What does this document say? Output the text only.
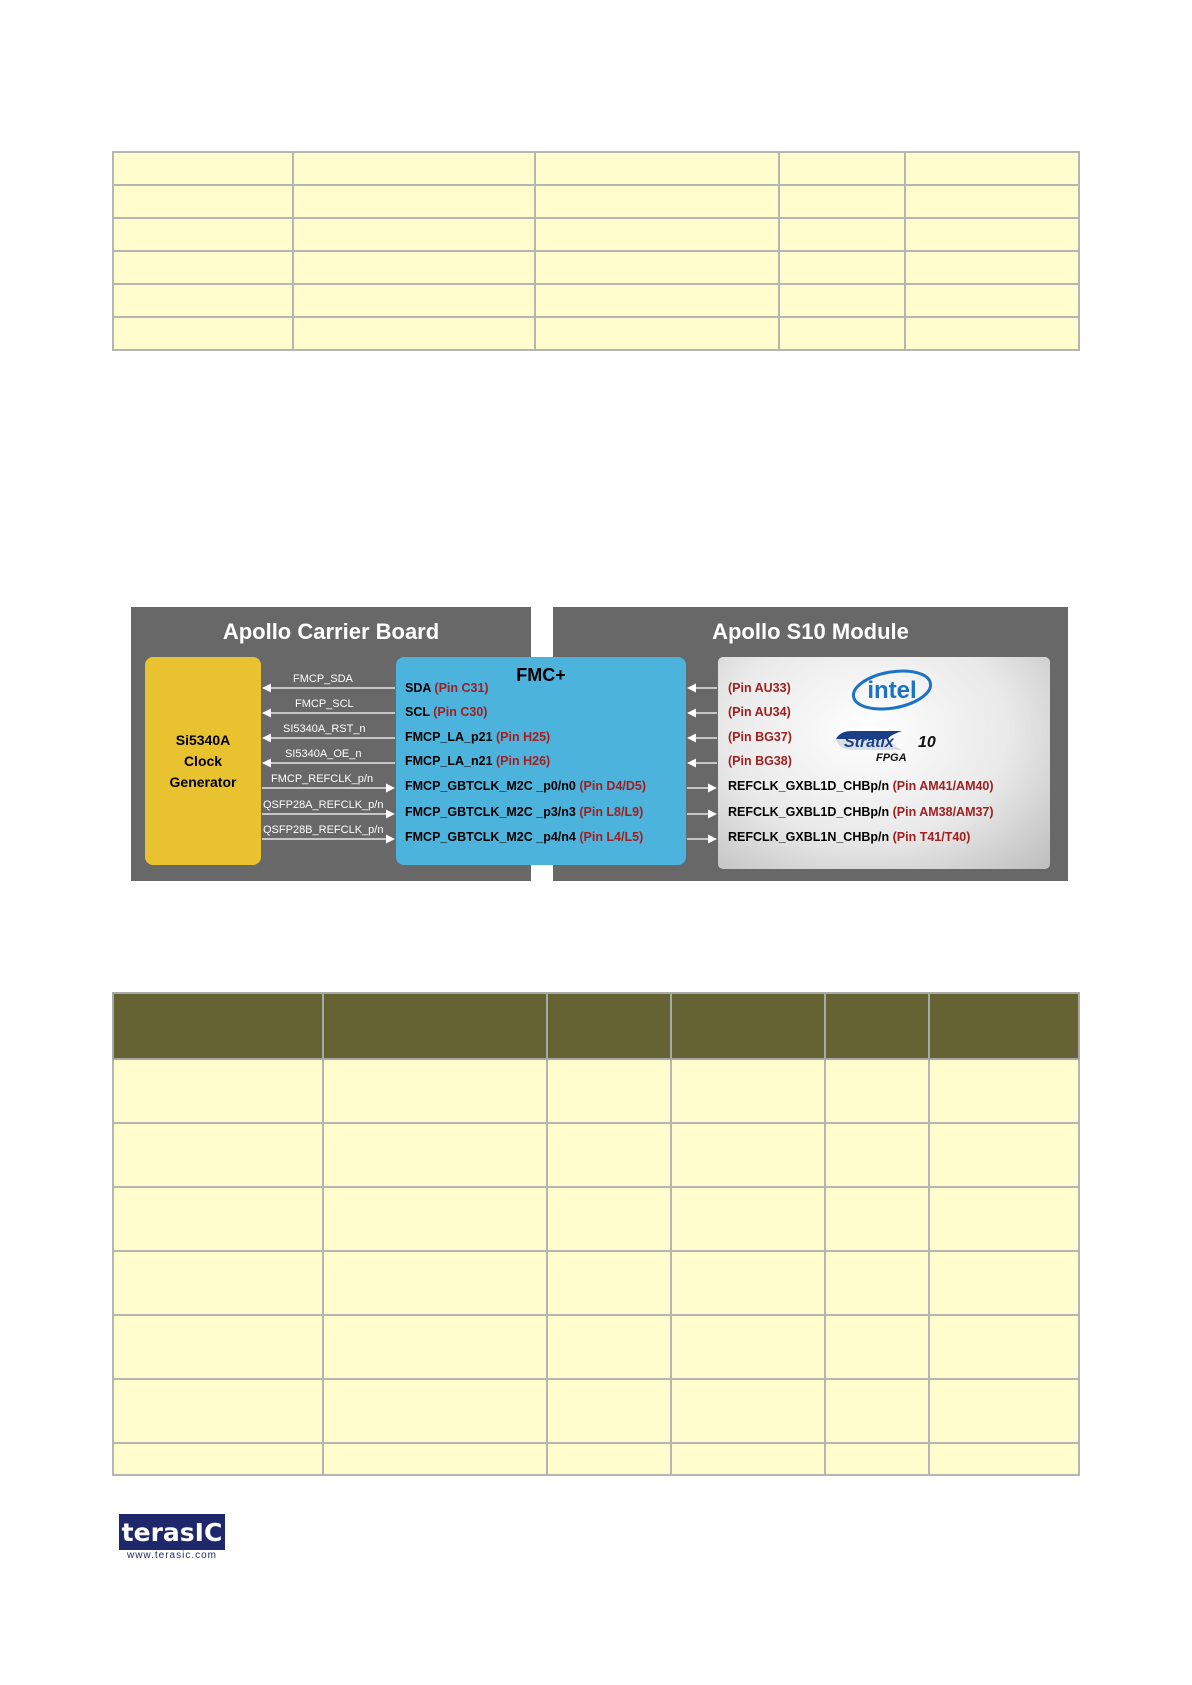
Apollo Carrier Board	Apollo S10 Module
Si5340A
Clock
Generator
FMC+
SDA (Pin C31)
SCL (Pin C30)
FMCP_LA_p21 (Pin H25)
FMCP_LA_n21 (Pin H26)
FMCP_GBTCLK_M2C _p0/n0 (Pin D4/D5)
FMCP_GBTCLK_M2C _p3/n3 (Pin L8/L9)
FMCP_GBTCLK_M2C _p4/n4 (Pin L4/L5)
intel
Stratix 10
FPGA
(Pin AU33)
(Pin AU34)
(Pin BG37)
(Pin BG38)
REFCLK_GXBL1D_CHBp/n (Pin AM41/AM40)
REFCLK_GXBL1D_CHBp/n (Pin AM38/AM37)
REFCLK_GXBL1N_CHBp/n (Pin T41/T40)
FMCP_SDA
FMCP_SCL
SI5340A_RST_n
SI5340A_OE_n
FMCP_REFCLK_p/n
QSFP28A_REFCLK_p/n
QSFP28B_REFCLK_p/n

terasIC
www.terasic.com
